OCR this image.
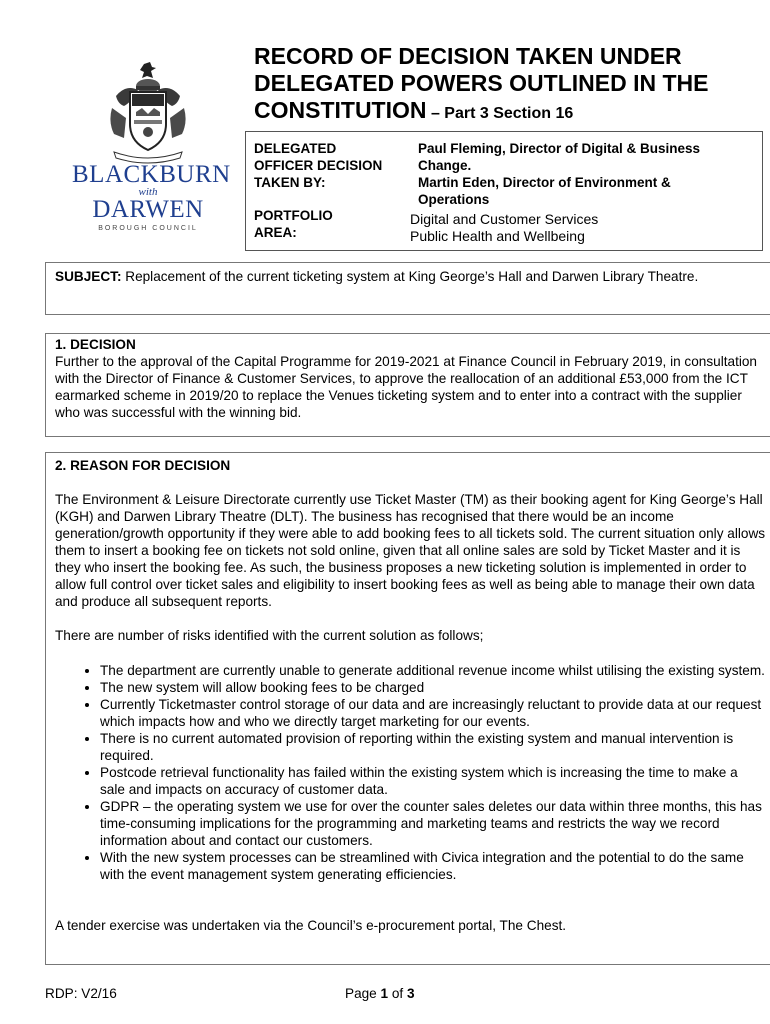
BLACKBURN
with
DARWEN
BOROUGH COUNCIL
RECORD OF DECISION TAKEN UNDER DELEGATED POWERS OUTLINED IN THE CONSTITUTION – Part 3 Section 16
DELEGATED
OFFICER DECISION
TAKEN BY:
Paul Fleming, Director of Digital & Business
Change.
Martin Eden, Director of Environment &
Operations
PORTFOLIO
AREA:
Digital and Customer Services
Public Health and Wellbeing

SUBJECT: Replacement of the current ticketing system at King George’s Hall and Darwen Library Theatre.

1. DECISION

Further to the approval of the Capital Programme for 2019-2021 at Finance Council in February 2019, in consultation with the Director of Finance & Customer Services, to approve the reallocation of an additional £53,000 from the ICT earmarked scheme in 2019/20 to replace the Venues ticketing system and to enter into a contract with the supplier who was successful with the winning bid.

2. REASON FOR DECISION

The Environment & Leisure Directorate currently use Ticket Master (TM) as their booking agent for King George’s Hall (KGH) and Darwen Library Theatre (DLT). The business has recognised that there would be an income generation/growth opportunity if they were able to add booking fees to all tickets sold. The current situation only allows them to insert a booking fee on tickets not sold online, given that all online sales are sold by Ticket Master and it is they who insert the booking fee. As such, the business proposes a new ticketing solution is implemented in order to allow full control over ticket sales and eligibility to insert booking fees as well as being able to manage their own data and produce all subsequent reports.

There are number of risks identified with the current solution as follows;

• The department are currently unable to generate additional revenue income whilst utilising the existing system.
• The new system will allow booking fees to be charged
• Currently Ticketmaster control storage of our data and are increasingly reluctant to provide data at our request which impacts how and who we directly target marketing for our events.
• There is no current automated provision of reporting within the existing system and manual intervention is required.
• Postcode retrieval functionality has failed within the existing system which is increasing the time to make a sale and impacts on accuracy of customer data.
• GDPR – the operating system we use for over the counter sales deletes our data within three months, this has time-consuming implications for the programming and marketing teams and restricts the way we record information about and contact our customers.
• With the new system processes can be streamlined with Civica integration and the potential to do the same with the event management system generating efficiencies.

A tender exercise was undertaken via the Council’s e-procurement portal, The Chest.

RDP: V2/16	Page 1 of 3
